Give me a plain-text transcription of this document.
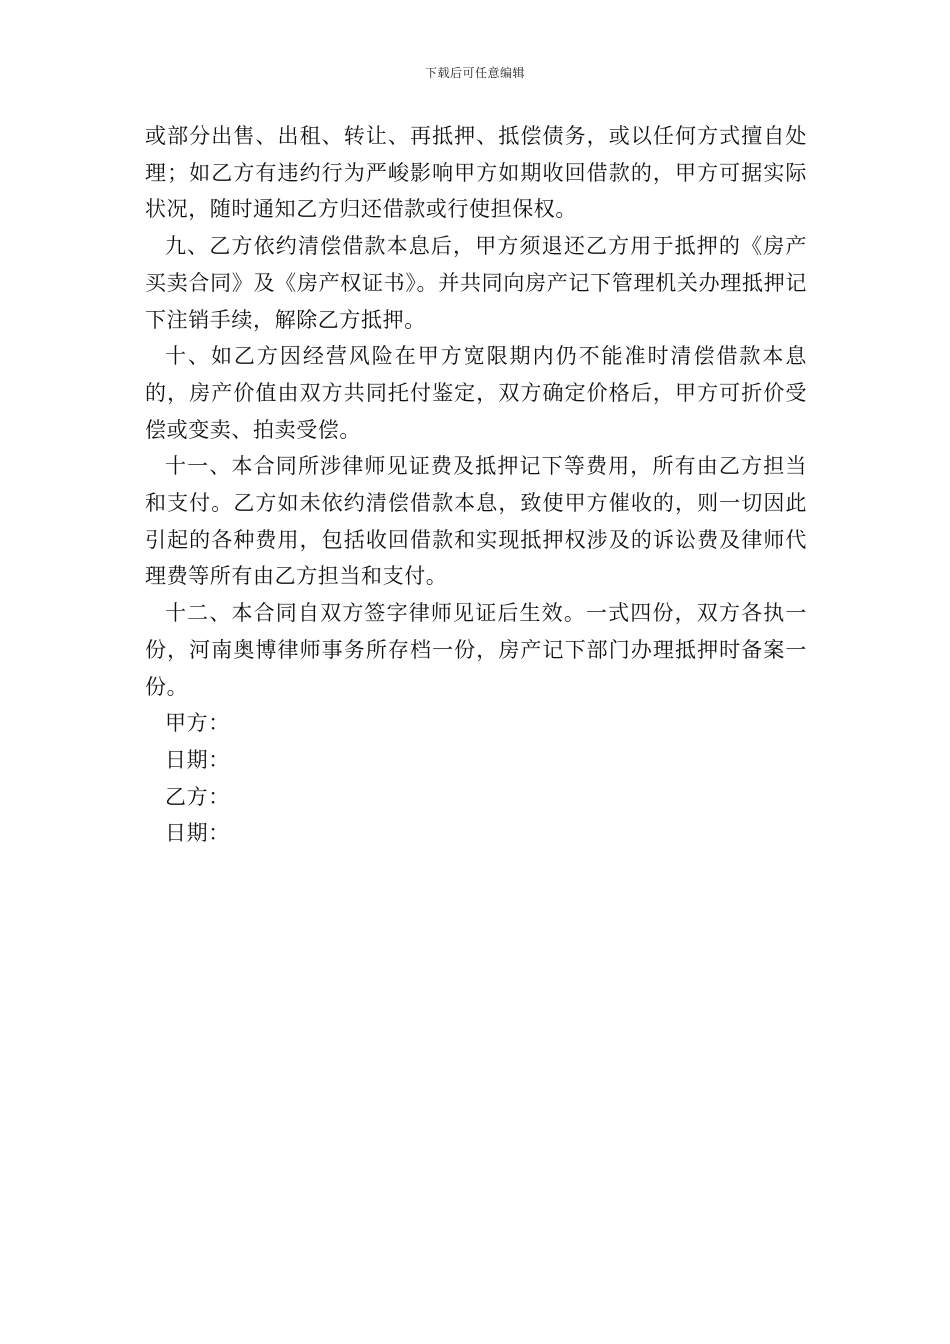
下载后可任意编辑

或部分出售、出租、转让、再抵押、抵偿债务，或以任何方式擅自处理；如乙方有违约行为严峻影响甲方如期收回借款的，甲方可据实际状况，随时通知乙方归还借款或行使担保权。

九、乙方依约清偿借款本息后，甲方须退还乙方用于抵押的《房产买卖合同》及《房产权证书》。并共同向房产记下管理机关办理抵押记下注销手续，解除乙方抵押。

十、如乙方因经营风险在甲方宽限期内仍不能准时清偿借款本息的，房产价值由双方共同托付鉴定，双方确定价格后，甲方可折价受偿或变卖、拍卖受偿。

十一、本合同所涉律师见证费及抵押记下等费用，所有由乙方担当和支付。乙方如未依约清偿借款本息，致使甲方催收的，则一切因此引起的各种费用，包括收回借款和实现抵押权涉及的诉讼费及律师代理费等所有由乙方担当和支付。

十二、本合同自双方签字律师见证后生效。一式四份，双方各执一份，河南奥博律师事务所存档一份，房产记下部门办理抵押时备案一份。

甲方：

日期：

乙方：

日期：
